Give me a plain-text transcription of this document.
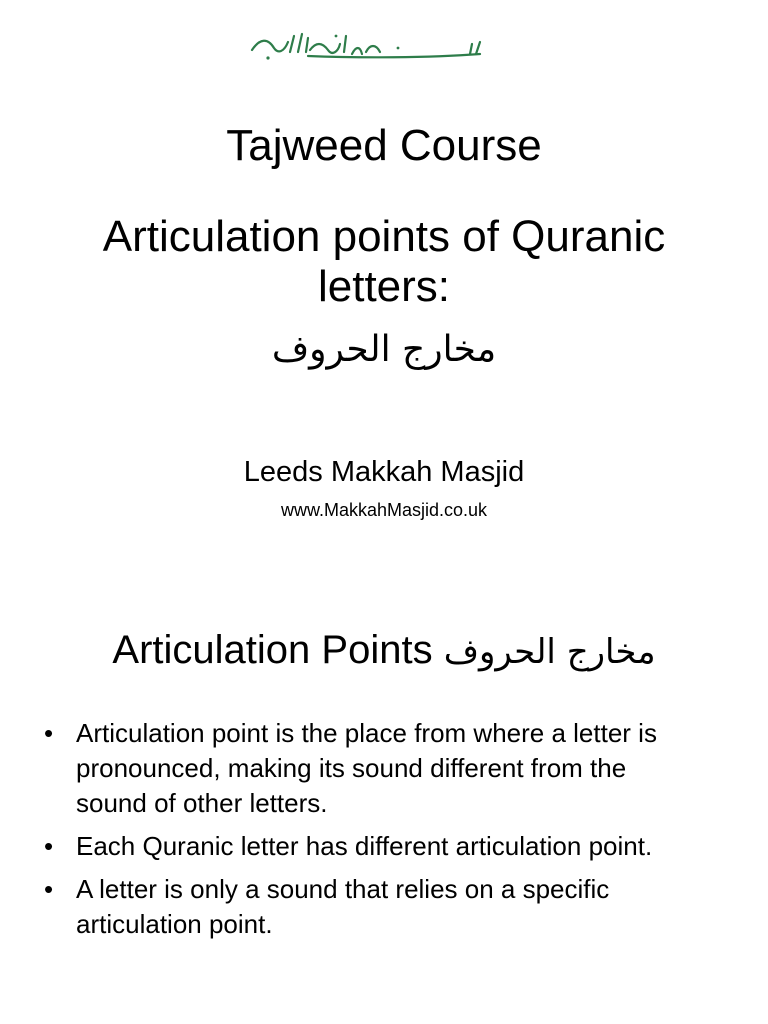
Tajweed Course
Articulation points of Quranic letters:
مخارج الحروف
Leeds Makkah Masjid
www.MakkahMasjid.co.uk
Articulation Points مخارج الحروف
• Articulation point is the place from where a letter is pronounced, making its sound different from the sound of other letters.
• Each Quranic letter has different articulation point.
• A letter is only a sound that relies on a specific articulation point.
